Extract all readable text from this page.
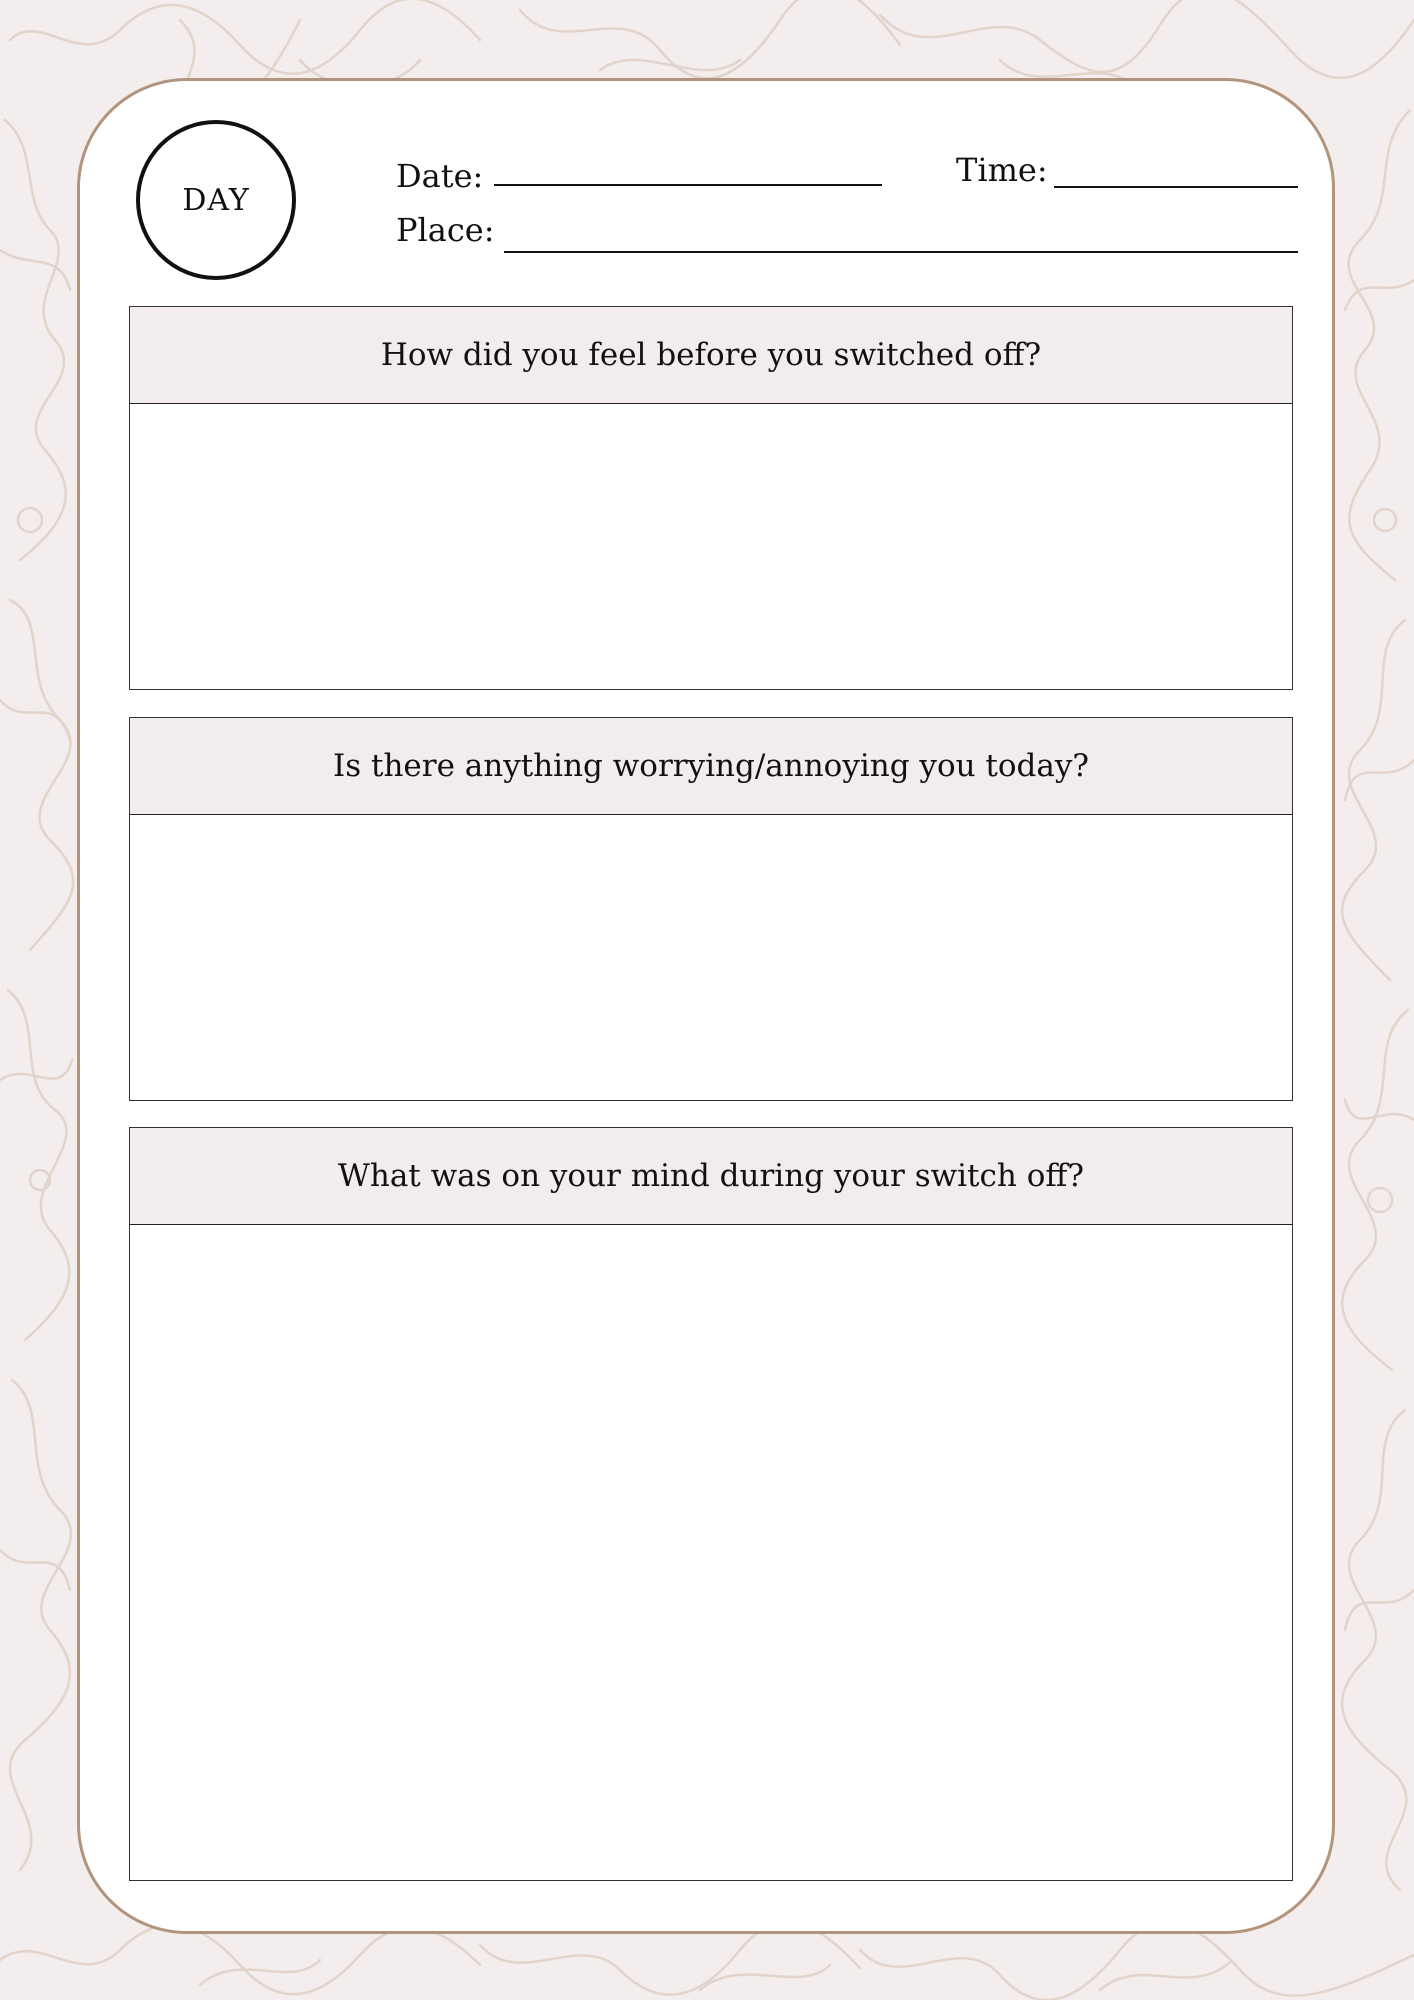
DAY
Date:	Time:
Place:
How did you feel before you switched off?
Is there anything worrying/annoying you today?
What was on your mind during your switch off?
